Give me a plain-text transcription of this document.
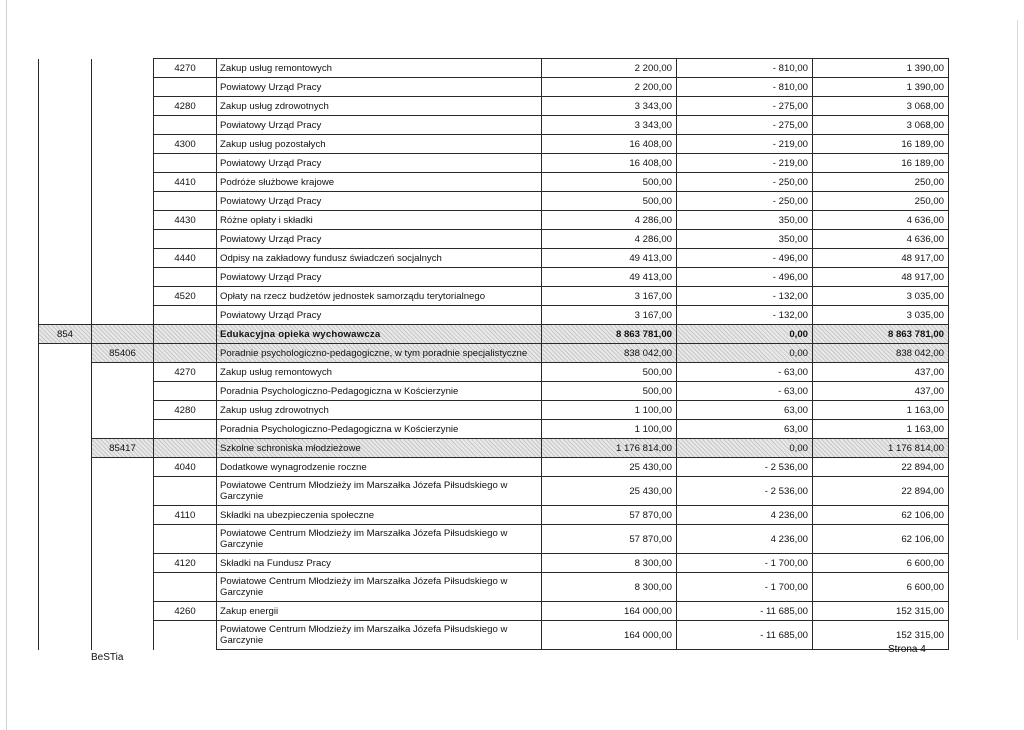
		4270	Zakup usług remontowych	2 200,00	- 810,00	1 390,00
			Powiatowy Urząd Pracy	2 200,00	- 810,00	1 390,00
		4280	Zakup usług zdrowotnych	3 343,00	- 275,00	3 068,00
			Powiatowy Urząd Pracy	3 343,00	- 275,00	3 068,00
		4300	Zakup usług pozostałych	16 408,00	- 219,00	16 189,00
			Powiatowy Urząd Pracy	16 408,00	- 219,00	16 189,00
		4410	Podróże służbowe krajowe	500,00	- 250,00	250,00
			Powiatowy Urząd Pracy	500,00	- 250,00	250,00
		4430	Różne opłaty i składki	4 286,00	350,00	4 636,00
			Powiatowy Urząd Pracy	4 286,00	350,00	4 636,00
		4440	Odpisy na zakładowy fundusz świadczeń socjalnych	49 413,00	- 496,00	48 917,00
			Powiatowy Urząd Pracy	49 413,00	- 496,00	48 917,00
		4520	Opłaty na rzecz budżetów jednostek samorządu terytorialnego	3 167,00	- 132,00	3 035,00
			Powiatowy Urząd Pracy	3 167,00	- 132,00	3 035,00
854			Edukacyjna opieka wychowawcza	8 863 781,00	0,00	8 863 781,00
	85406		Poradnie psychologiczno-pedagogiczne, w tym poradnie specjalistyczne	838 042,00	0,00	838 042,00
		4270	Zakup usług remontowych	500,00	- 63,00	437,00
			Poradnia Psychologiczno-Pedagogiczna w Kościerzynie	500,00	- 63,00	437,00
		4280	Zakup usług zdrowotnych	1 100,00	63,00	1 163,00
			Poradnia Psychologiczno-Pedagogiczna w Kościerzynie	1 100,00	63,00	1 163,00
	85417		Szkolne schroniska młodzieżowe	1 176 814,00	0,00	1 176 814,00
		4040	Dodatkowe wynagrodzenie roczne	25 430,00	- 2 536,00	22 894,00
			Powiatowe Centrum Młodzieży im Marszałka Józefa Piłsudskiego w Garczynie	25 430,00	- 2 536,00	22 894,00
		4110	Składki na ubezpieczenia społeczne	57 870,00	4 236,00	62 106,00
			Powiatowe Centrum Młodzieży im Marszałka Józefa Piłsudskiego w Garczynie	57 870,00	4 236,00	62 106,00
		4120	Składki na Fundusz Pracy	8 300,00	- 1 700,00	6 600,00
			Powiatowe Centrum Młodzieży im Marszałka Józefa Piłsudskiego w Garczynie	8 300,00	- 1 700,00	6 600,00
		4260	Zakup energii	164 000,00	- 11 685,00	152 315,00
			Powiatowe Centrum Młodzieży im Marszałka Józefa Piłsudskiego w Garczynie	164 000,00	- 11 685,00	152 315,00
BeSTia
Strona 4
